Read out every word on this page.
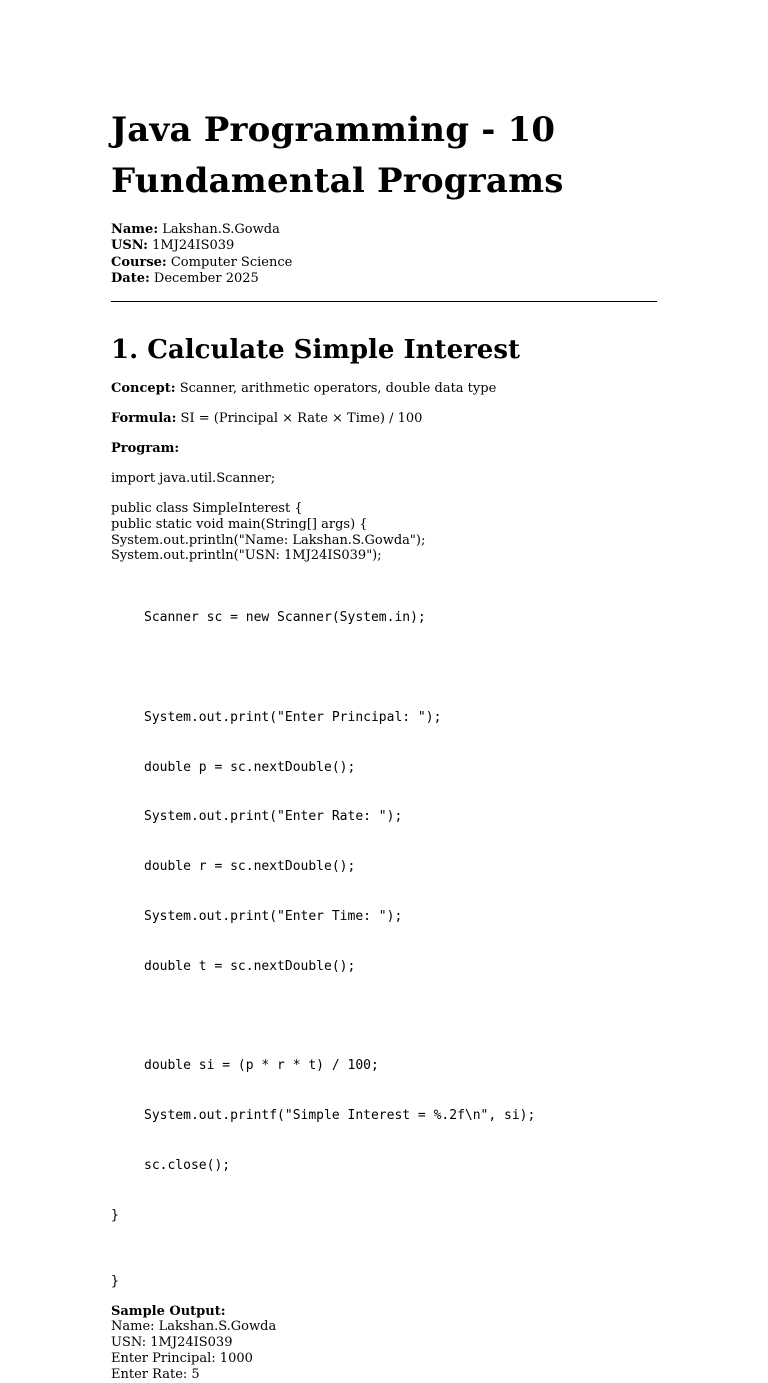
Java Programming - 10
Fundamental Programs
Name: Lakshan.S.Gowda
USN: 1MJ24IS039
Course: Computer Science
Date: December 2025
1. Calculate Simple Interest
Concept: Scanner, arithmetic operators, double data type
Formula: SI = (Principal × Rate × Time) / 100
Program:
import java.util.Scanner;
public class SimpleInterest {
public static void main(String[] args) {
System.out.println("Name: Lakshan.S.Gowda");
System.out.println("USN: 1MJ24IS039");

Scanner sc = new Scanner(System.in);

System.out.print("Enter Principal: ");

double p = sc.nextDouble();

System.out.print("Enter Rate: ");

double r = sc.nextDouble();

System.out.print("Enter Time: ");

double t = sc.nextDouble();

double si = (p * r * t) / 100;

System.out.printf("Simple Interest = %.2f\n", si);

sc.close();

}

}
Sample Output:
Name: Lakshan.S.Gowda
USN: 1MJ24IS039
Enter Principal: 1000
Enter Rate: 5
